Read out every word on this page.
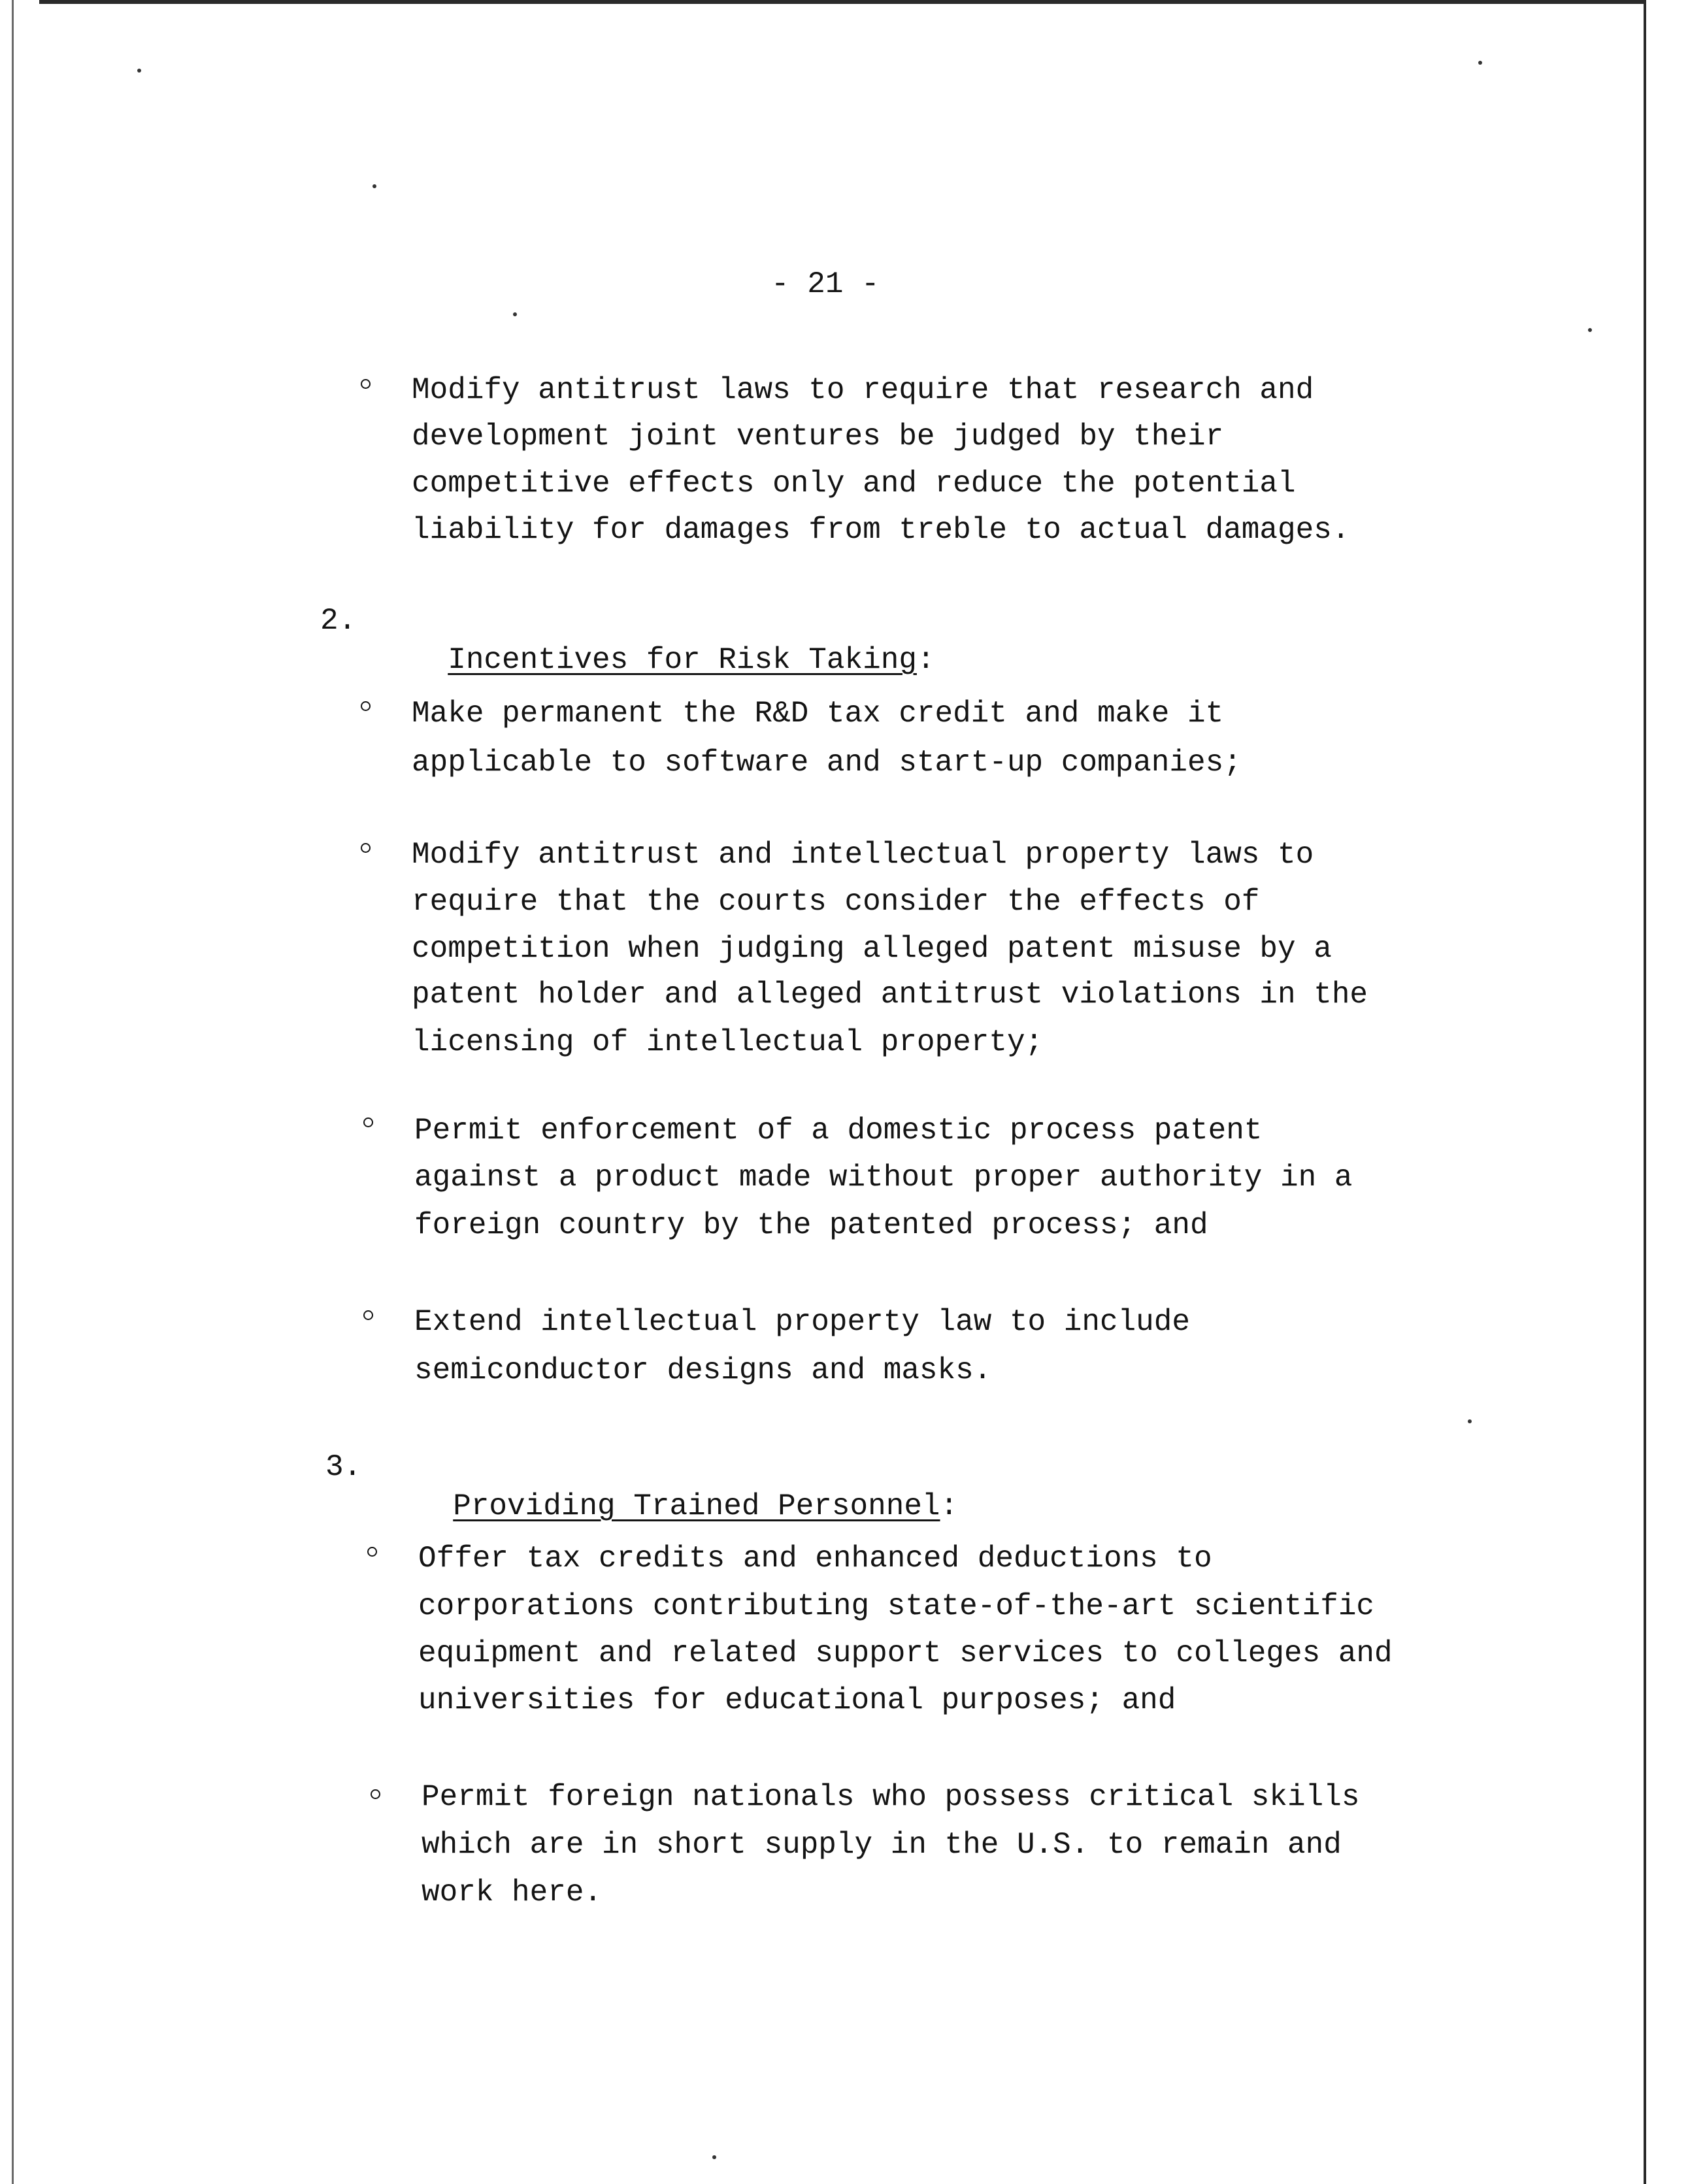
- 21 -
Modify antitrust laws to require that research and
development joint ventures be judged by their
competitive effects only and reduce the potential
liability for damages from treble to actual damages.
2.

Incentives for Risk Taking:

Make permanent the R&D tax credit and make it
applicable to software and start-up companies;
Modify antitrust and intellectual property laws to
require that the courts consider the effects of
competition when judging alleged patent misuse by a
patent holder and alleged antitrust violations in the
licensing of intellectual property;
Permit enforcement of a domestic process patent
against a product made without proper authority in a
foreign country by the patented process; and
Extend intellectual property law to include
semiconductor designs and masks.
3.

Providing Trained Personnel:

Offer tax credits and enhanced deductions to
corporations contributing state-of-the-art scientific
equipment and related support services to colleges and
universities for educational purposes; and
Permit foreign nationals who possess critical skills
which are in short supply in the U.S. to remain and
work here.
